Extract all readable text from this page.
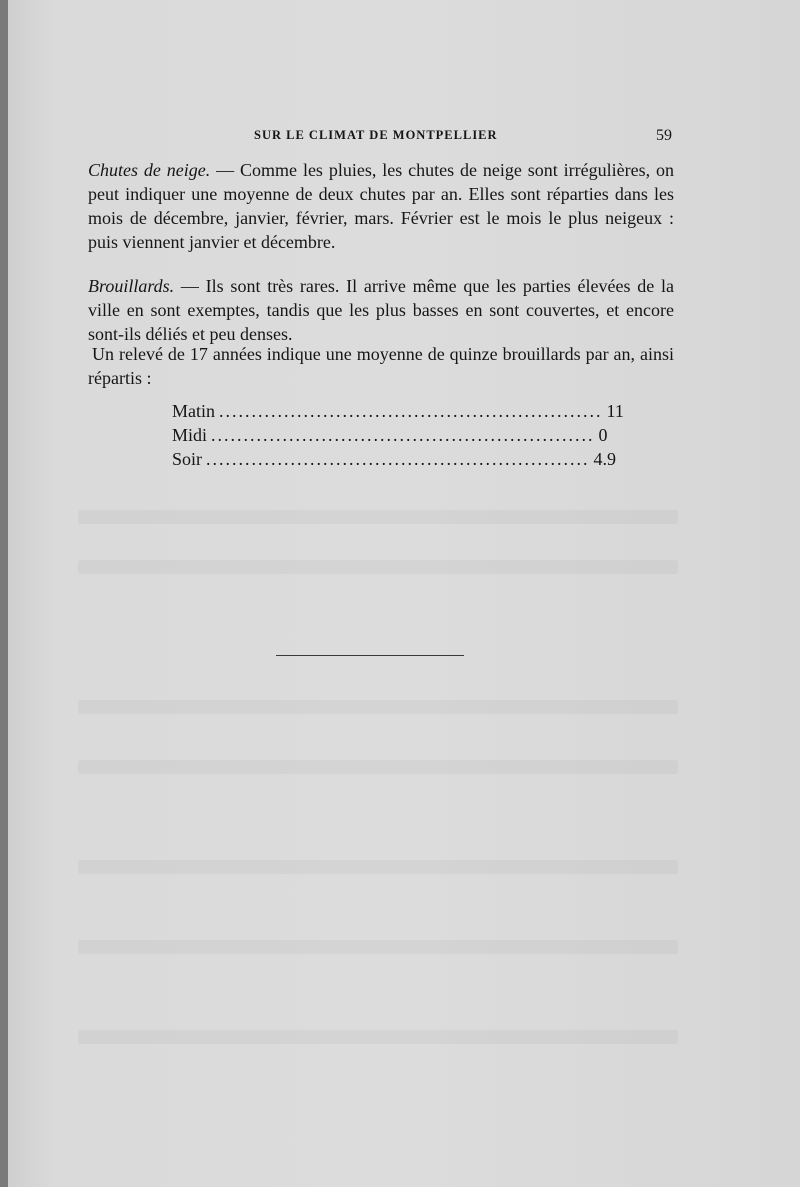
SUR LE CLIMAT DE MONTPELLIER	59
Chutes de neige. — Comme les pluies, les chutes de neige sont irrégulières, on peut indiquer une moyenne de deux chutes par an. Elles sont réparties dans les mois de décembre, janvier, février, mars. Février est le mois le plus neigeux : puis viennent janvier et décembre.
Brouillards. — Ils sont très rares. Il arrive même que les parties élevées de la ville en sont exemptes, tandis que les plus basses en sont couvertes, et encore sont-ils déliés et peu denses.
Un relevé de 17 années indique une moyenne de quinze brouillards par an, ainsi répartis :
Matin ........................................................... 11
Midi ........................................................... 0
Soir ........................................................... 4.9
